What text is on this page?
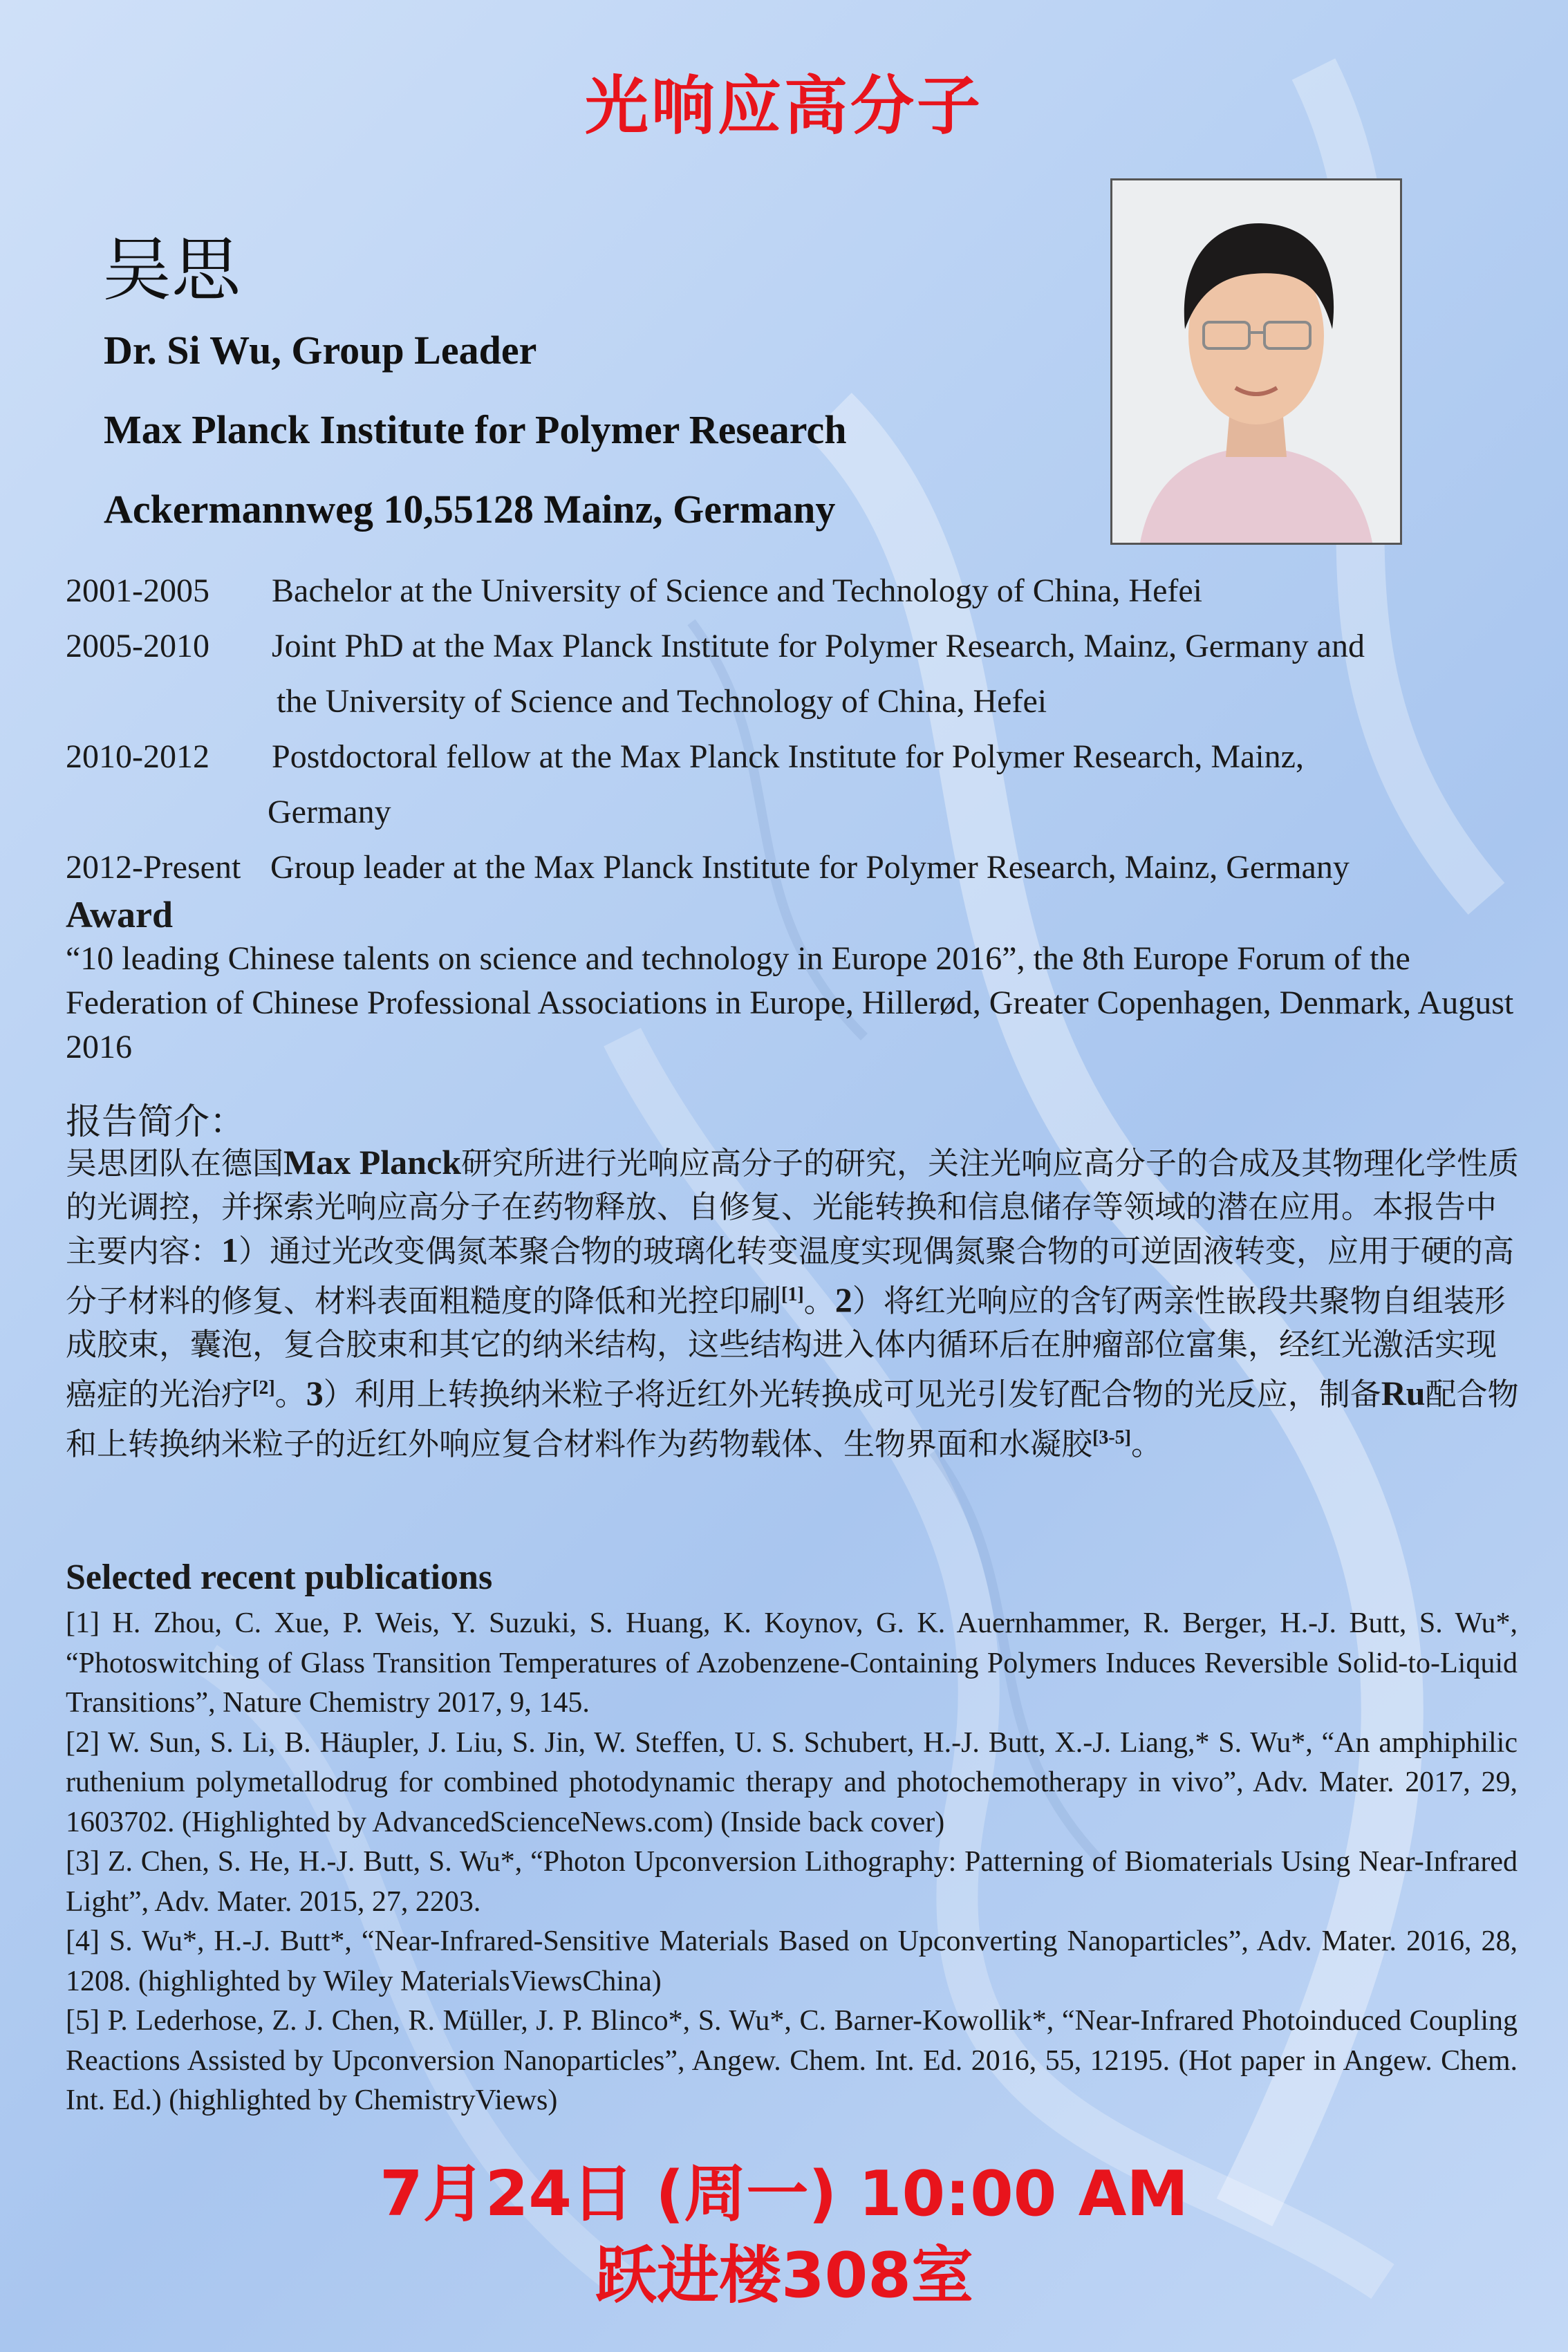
光响应高分子
吴思
Dr. Si Wu, Group Leader
Max Planck Institute for Polymer Research
Ackermannweg 10,55128 Mainz, Germany
2001-2005 Bachelor at the University of Science and Technology of China, Hefei
2005-2010 Joint PhD at the Max Planck Institute for Polymer Research, Mainz, Germany and
the University of Science and Technology of China, Hefei
2010-2012 Postdoctoral fellow at the Max Planck Institute for Polymer Research, Mainz,
Germany
2012-Present Group leader at the Max Planck Institute for Polymer Research, Mainz, Germany
Award
“10 leading Chinese talents on science and technology in Europe 2016”, the 8th Europe Forum of the Federation of Chinese Professional Associations in Europe, Hillerød, Greater Copenhagen, Denmark, August 2016
报告简介：
吴思团队在德国Max Planck研究所进行光响应高分子的研究，关注光响应高分子的合成及其物理化学性质的光调控，并探索光响应高分子在药物释放、自修复、光能转换和信息储存等领域的潜在应用。本报告中主要内容：1）通过光改变偶氮苯聚合物的玻璃化转变温度实现偶氮聚合物的可逆固液转变，应用于硬的高分子材料的修复、材料表面粗糙度的降低和光控印刷[1]。2）将红光响应的含钌两亲性嵌段共聚物自组装形成胶束，囊泡，复合胶束和其它的纳米结构，这些结构进入体内循环后在肿瘤部位富集，经红光激活实现癌症的光治疗[2]。3）利用上转换纳米粒子将近红外光转换成可见光引发钌配合物的光反应，制备Ru配合物和上转换纳米粒子的近红外响应复合材料作为药物载体、生物界面和水凝胶[3-5]。
Selected recent publications
[1] H. Zhou, C. Xue, P. Weis, Y. Suzuki, S. Huang, K. Koynov, G. K. Auernhammer, R. Berger, H.-J. Butt, S. Wu*, “Photoswitching of Glass Transition Temperatures of Azobenzene-Containing Polymers Induces Reversible Solid-to-Liquid Transitions”, Nature Chemistry 2017, 9, 145.
[2] W. Sun, S. Li, B. Häupler, J. Liu, S. Jin, W. Steffen, U. S. Schubert, H.-J. Butt, X.-J. Liang,* S. Wu*, “An amphiphilic ruthenium polymetallodrug for combined photodynamic therapy and photochemotherapy in vivo”, Adv. Mater. 2017, 29, 1603702. (Highlighted by AdvancedScienceNews.com) (Inside back cover)
[3] Z. Chen, S. He, H.-J. Butt, S. Wu*, “Photon Upconversion Lithography: Patterning of Biomaterials Using Near-Infrared Light”, Adv. Mater. 2015, 27, 2203.
[4] S. Wu*, H.-J. Butt*, “Near-Infrared-Sensitive Materials Based on Upconverting Nanoparticles”, Adv. Mater. 2016, 28, 1208. (highlighted by Wiley MaterialsViewsChina)
[5] P. Lederhose, Z. J. Chen, R. Müller, J. P. Blinco*, S. Wu*, C. Barner-Kowollik*, “Near-Infrared Photoinduced Coupling Reactions Assisted by Upconversion Nanoparticles”, Angew. Chem. Int. Ed. 2016, 55, 12195. (Hot paper in Angew. Chem. Int. Ed.) (highlighted by ChemistryViews)
7月24日 (周一) 10:00 AM
跃进楼308室
